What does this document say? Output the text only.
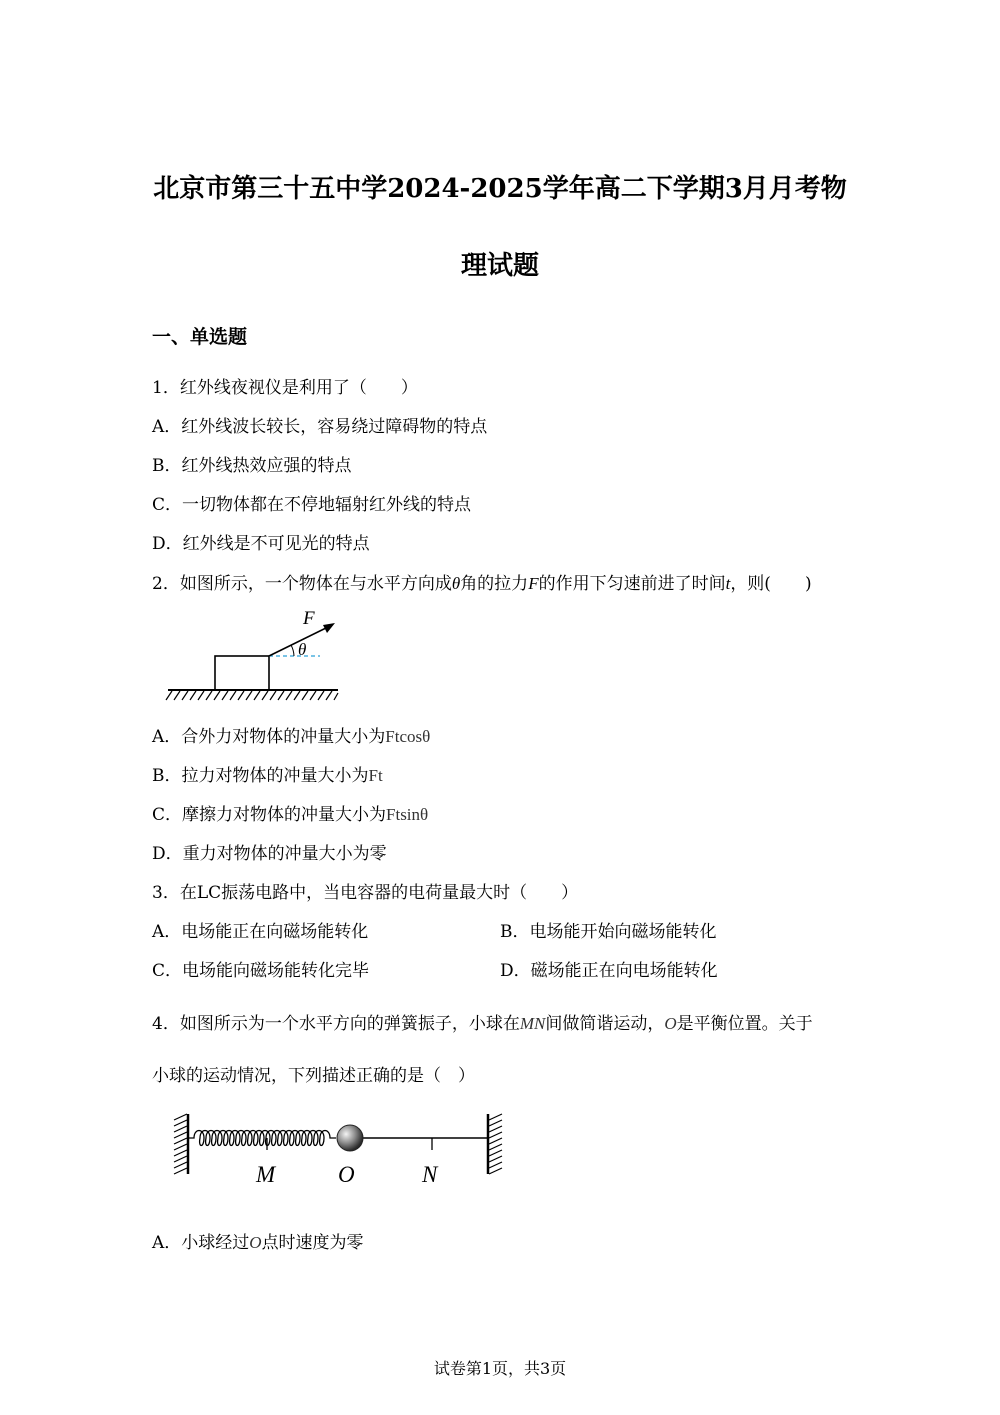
北京市第三十五中学2024-2025学年高二下学期3月月考物
理试题
一、单选题
1．红外线夜视仪是利用了（　　）
A．红外线波长较长，容易绕过障碍物的特点
B．红外线热效应强的特点
C．一切物体都在不停地辐射红外线的特点
D．红外线是不可见光的特点
2．如图所示，一个物体在与水平方向成θ角的拉力F的作用下匀速前进了时间t，则(　　)
F
θ
A．合外力对物体的冲量大小为Ftcosθ
B．拉力对物体的冲量大小为Ft
C．摩擦力对物体的冲量大小为Ftsinθ
D．重力对物体的冲量大小为零
3．在LC振荡电路中，当电容器的电荷量最大时（　　）
A．电场能正在向磁场能转化	B．电场能开始向磁场能转化
C．电场能向磁场能转化完毕	D．磁场能正在向电场能转化
4．如图所示为一个水平方向的弹簧振子，小球在MN间做简谐运动，O是平衡位置。关于
小球的运动情况，下列描述正确的是（　）
M	O	N
A．小球经过O点时速度为零
试卷第1页，共3页
